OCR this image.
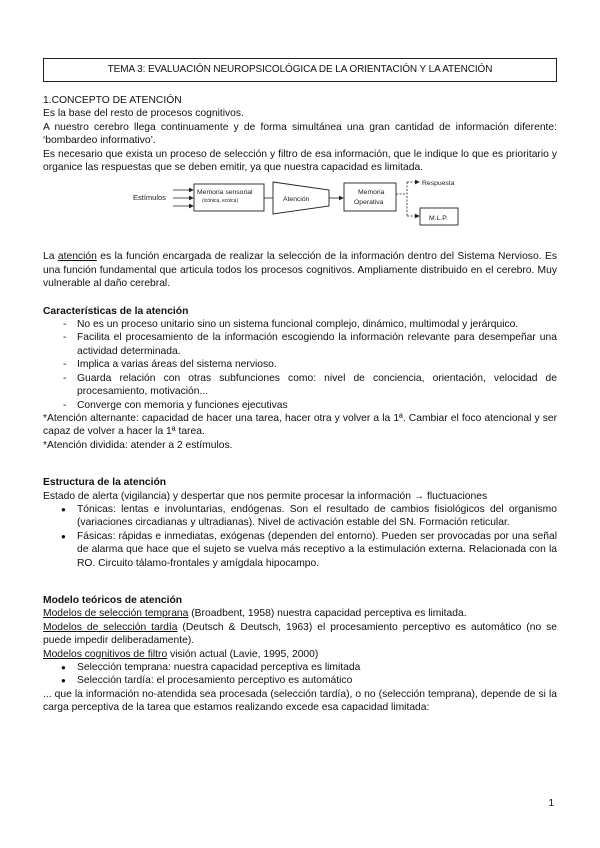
TEMA 3: EVALUACIÓN NEUROPSICOLÓGICA DE LA ORIENTACIÓN Y LA ATENCIÓN

1.CONCEPTO DE ATENCIÓN

Es la base del resto de procesos cognitivos.

A nuestro cerebro llega continuamente y de forma simultánea una gran cantidad de información diferente: ‘bombardeo informativo’.

Es necesario que exista un proceso de selección y filtro de esa información, que le indique lo que es prioritario y organice las respuestas que se deben emitir, ya que nuestra capacidad es limitada.

Estímulos
Memoria sensorial
(icónica, ecoica)	Atención
Memoria
Operativa
Respuesta
M.L.P.

La atención es la función encargada de realizar la selección de la información dentro del Sistema Nervioso. Es una función fundamental que articula todos los procesos cognitivos. Ampliamente distribuido en el cerebro. Muy vulnerable al daño cerebral.

Características de la atención

- No es un proceso unitario sino un sistema funcional complejo, dinámico, multimodal y jerárquico.
- Facilita el procesamiento de la información escogiendo la información relevante para desempeñar una actividad determinada.
- Implica a varias áreas del sistema nervioso.
- Guarda relación con otras subfunciones como: nivel de conciencia, orientación, velocidad de procesamiento, motivación...
- Converge con memoria y funciones ejecutivas

*Atención alternante: capacidad de hacer una tarea, hacer otra y volver a la 1ª. Cambiar el foco atencional y ser capaz de volver a hacer la 1ª tarea.

*Atención dividida: atender a 2 estímulos.

Estructura de la atención

Estado de alerta (vigilancia) y despertar que nos permite procesar la información → fluctuaciones

● Tónicas: lentas e involuntarias, endógenas. Son el resultado de cambios fisiológicos del organismo (variaciones circadianas y ultradianas). Nivel de activación estable del SN. Formación reticular.
● Fásicas: rápidas e inmediatas, exógenas (dependen del entorno). Pueden ser provocadas por una señal de alarma que hace que el sujeto se vuelva más receptivo a la estimulación externa. Relacionada con la RO. Circuito tálamo-frontales y amígdala hipocampo.

Modelo teóricos de atención

Modelos de selección temprana (Broadbent, 1958) nuestra capacidad perceptiva es limitada.

Modelos de selección tardía (Deutsch & Deutsch, 1963) el procesamiento perceptivo es automático (no se puede impedir deliberadamente).

Modelos cognitivos de filtro visión actual (Lavie, 1995, 2000)

● Selección temprana: nuestra capacidad perceptiva es limitada
● Selección tardía: el procesamiento perceptivo es automático

... que la información no-atendida sea procesada (selección tardía), o no (selección temprana), depende de si la carga perceptiva de la tarea que estamos realizando excede esa capacidad limitada:

1
